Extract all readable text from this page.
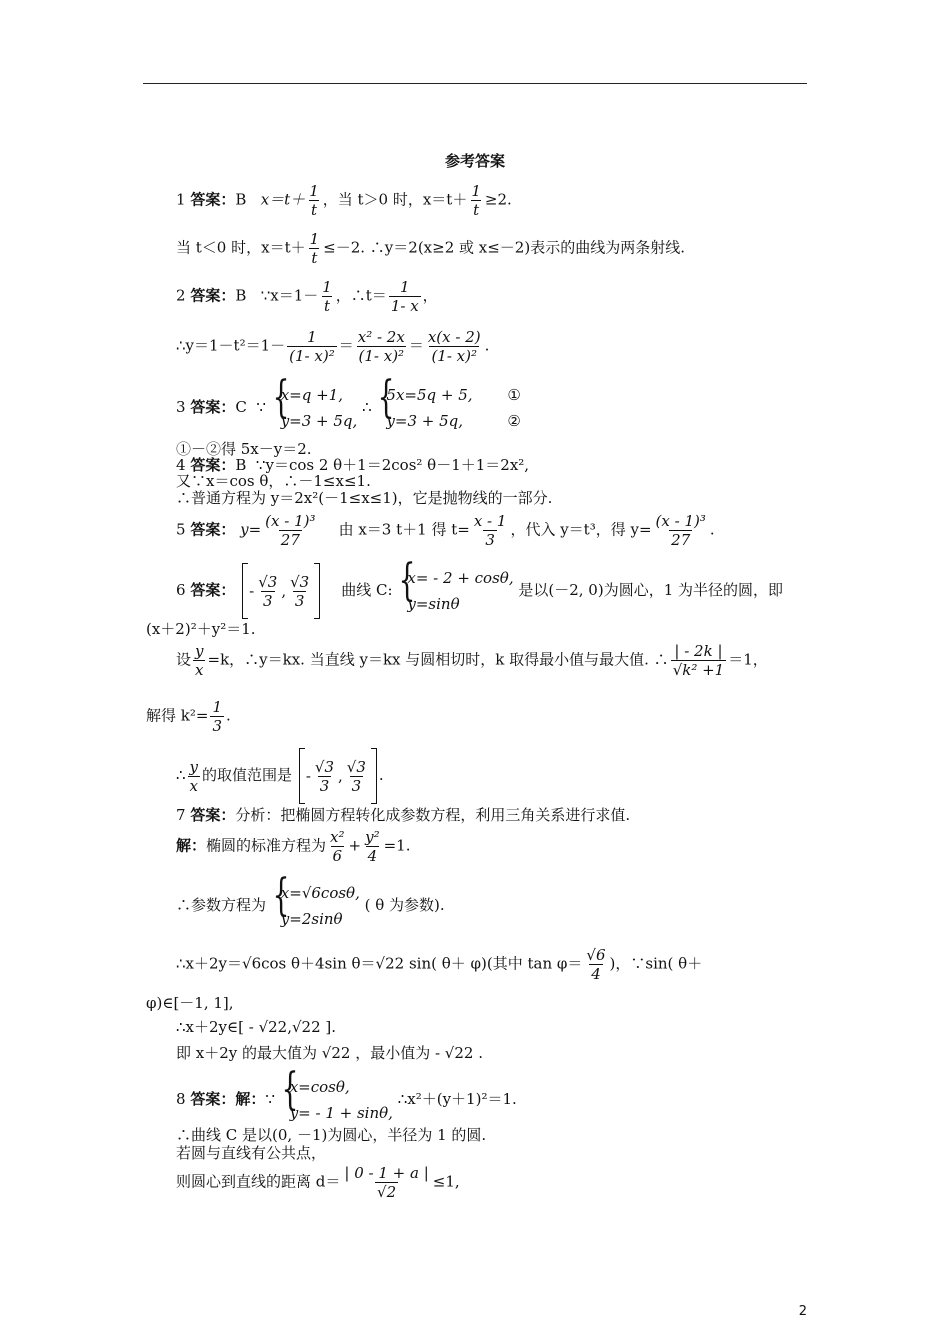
参考答案
1 答案：B $x=t+ \frac{1}{t}$ ，当 t＞0 时，$x=t+ \frac{1}{t} \ge 2$.
当 t＜0 时，$x=t+ \frac{1}{t} \le-2$. ∴y＝2(x≥2 或 x≤－2)表示的曲线为两条射线.
2 答案：B ∵x＝1－ $\frac{1}{t}$ ，∴t＝ $\frac{1}{1- x}$ ，
∴y＝1－t²＝1－ $\frac{1}{\text{(1- x)²}} = \frac{\text{x² - 2x}}{\text{(1- x)²}} = \frac{x(x - 2)}{\text{(1- x)²}}$ .
3 答案：C ∵
{ x=q +1,
y=3 + 5q,
∴
{ 5x=5q + 5,
y=3 + 5q,

①
②
①－②得 5x－y＝2.
4 答案：B ∵y＝cos 2 θ＋1＝2cos² θ－1＋1＝2x²,
又∵x＝cos θ，∴－1≤x≤1.
∴普通方程为 y＝2x²(－1≤x≤1)，它是抛物线的一部分.
5 答案： $y= \frac{\text{(x - 1)³}}{27}$ 由 x＝3 t＋1 得 $t= \frac{x - 1}{3}$ ，代入 y＝t³，得 $y= \frac{\text{(x - 1)³}}{27}$ .
6 答案： - $\frac{√3}{3}$ , $\frac{√3}{3}$ 曲线 C:
{ x= - 2 + cosθ,
y=sinθ
是以(－2, 0)为圆心，1 为半径的圆，即
(x＋2)²＋y²＝1.
设 $\frac{y}{x} =k$，∴y＝kx. 当直线 y＝kx 与圆相切时，k 取得最小值与最大值. ∴ $\frac{| - 2k |}{\text{√k² +1}} =1$，
解得 $k^2= \frac{1}{3}$ .
∴ $\frac{y}{x}$ 的取值范围是 - $\frac{√3}{3}$ , $\frac{√3}{3}$ .
7 答案：分析：把椭圆方程转化成参数方程，利用三角关系进行求值.
解：椭圆的标准方程为 $\frac{\text{x²}}{6} + \frac{\text{y²}}{4} =1$.
∴参数方程为
{ x=√6cosθ,
y=2sinθ
( θ 为参数).
∴x＋2y＝√6cos θ＋4sin θ＝√22 sin( θ＋ φ)(其中 $\tan \varphi= \frac{√6}{4}$ )，∵sin( θ＋
φ)∈[－1, 1],
∴x＋2y∈[ - √22,√22 ].
即 x＋2y 的最大值为 √22 ，最小值为 - √22 .
8 答案：解：∵
{ x=cosθ,
y= - 1 + sinθ,
∴x²＋(y＋1)²＝1.
∴曲线 C 是以(0, －1)为圆心，半径为 1 的圆.
若圆与直线有公共点，
则圆心到直线的距离 $d= \frac{| 0 - 1 + a |}{√2} \le 1$,
2
